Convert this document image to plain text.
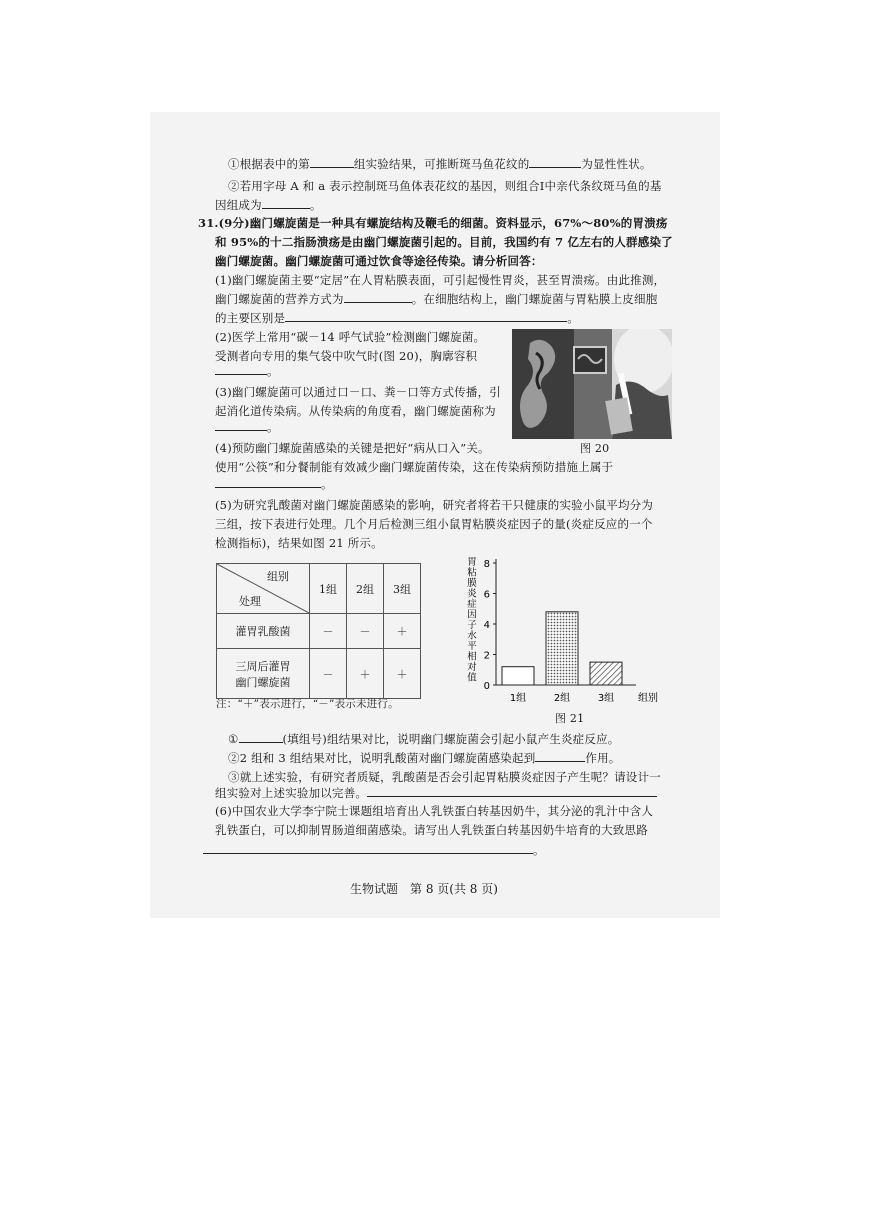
①根据表中的第	组实验结果，可推断斑马鱼花纹的	为显性性状。
②若用字母 A 和 a 表示控制斑马鱼体表花纹的基因，则组合Ⅰ中亲代条纹斑马鱼的基
因组成为	。
31.(9分)幽门螺旋菌是一种具有螺旋结构及鞭毛的细菌。资料显示，67%～80%的胃溃疡
和 95%的十二指肠溃疡是由幽门螺旋菌引起的。目前，我国约有 7 亿左右的人群感染了
幽门螺旋菌。幽门螺旋菌可通过饮食等途径传染。请分析回答：
(1)幽门螺旋菌主要“定居”在人胃粘膜表面，可引起慢性胃炎，甚至胃溃疡。由此推测，
幽门螺旋菌的营养方式为	。在细胞结构上，幽门螺旋菌与胃粘膜上皮细胞
的主要区别是	。
(2)医学上常用“碳－14 呼气试验”检测幽门螺旋菌。
受测者向专用的集气袋中吹气时(图 20)，胸廓容积
。
(3)幽门螺旋菌可以通过口－口、粪－口等方式传播，引
起消化道传染病。从传染病的角度看，幽门螺旋菌称为
。
(4)预防幽门螺旋菌感染的关键是把好“病从口入”关。
使用“公筷”和分餐制能有效减少幽门螺旋菌传染，这在传染病预防措施上属于
。
图 20
(5)为研究乳酸菌对幽门螺旋菌感染的影响，研究者将若干只健康的实验小鼠平均分为
三组，按下表进行处理。几个月后检测三组小鼠胃粘膜炎症因子的量(炎症反应的一个
检测指标)，结果如图 21 所示。
组别
处理	1组	2组	3组
灌胃乳酸菌	－	－	＋

三周后灌胃
幽门螺旋菌	－	＋	＋
注：“＋”表示进行，“－”表示未进行。
0
2
4
6
8
胃
粘
膜
炎
症
因
子
水
平
相
对
值
1组	2组	3组 组别
图 21
①	(填组号)组结果对比，说明幽门螺旋菌会引起小鼠产生炎症反应。
②2 组和 3 组结果对比，说明乳酸菌对幽门螺旋菌感染起到	作用。
③就上述实验，有研究者质疑，乳酸菌是否会引起胃粘膜炎症因子产生呢？请设计一
组实验对上述实验加以完善。
(6)中国农业大学李宁院士课题组培育出人乳铁蛋白转基因奶牛，其分泌的乳汁中含人
乳铁蛋白，可以抑制胃肠道细菌感染。请写出人乳铁蛋白转基因奶牛培育的大致思路
。
生物试题　第 8 页(共 8 页)
